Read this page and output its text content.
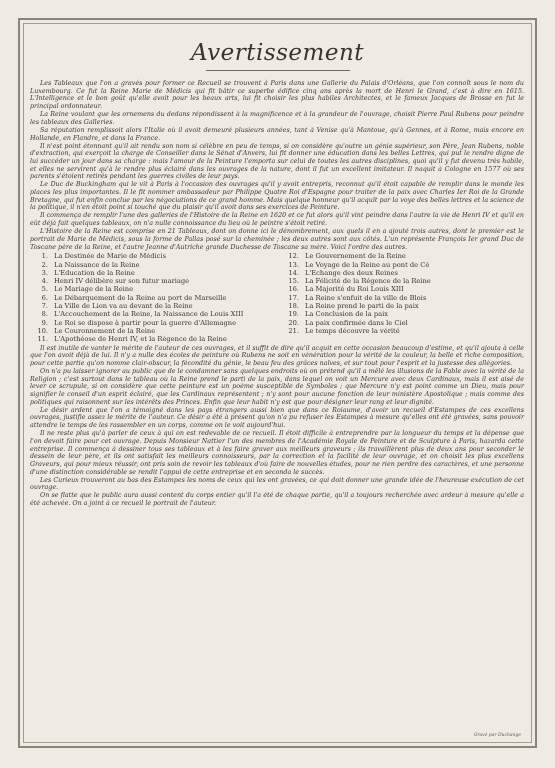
Avertissement

Les Tableaux que l'on a gravés pour former ce Recueil se trouvent à Paris dans une Gallerie du Palais d'Orléans, que l'on connoît sous le nom du Luxembourg. Ce fut la Reine Marie de Médicis qui fit bâtir ce superbe édifice cinq ans après la mort de Henri le Grand, c'est à dire en 1615. L'Intelligence et le bon goût qu'elle avoit pour les beaux arts, lui fit choisir les plus habiles Architectes, et le fameux Jacques de Brosse en fut le principal ordonnateur.

La Reine voulant que les ornemens du dedans répondissent à la magnificence et à la grandeur de l'ouvrage, choisit Pierre Paul Rubens pour peindre les tableaux des Galleries.

Sa réputation remplissoit alors l'Italie où il avoit demeuré plusieurs années, tant à Venise qu'à Mantoue, qu'à Gennes, et à Rome, mais encore en Hollande, en Flandre, et dans la France.

Il n'est point étonnant qu'il ait rendu son nom si célèbre en peu de temps, si on considère qu'outre un génie supérieur, son Père, Jean Rubens, noble d'extraction, qui exerçoit la charge de Conseiller dans le Sénat d'Anvers, lui fit donner une éducation dans les belles Lettres, qui put le rendre digne de lui succéder un jour dans sa charge : mais l'amour de la Peinture l'emporta sur celui de toutes les autres disciplines, quoi qu'il y fut devenu très habile, et elles ne servirent qu'à le rendre plus éclairé dans les ouvrages de la nature, dont il fut un excellent imitateur. Il naquit à Cologne en 1577 où ses parents s'étoient retirés pendant les guerres civiles de leur pays.

Le Duc de Buckingham qui le vit à Paris à l'occasion des ouvrages qu'il y avoit entrepris, reconnut qu'il étoit capable de remplir dans le monde les places les plus importantes. Il le fit nommer ambassadeur par Philippe Quatre Roi d'Espagne pour traiter de la paix avec Charles Ier Roi de la Grande Bretagne, qui fut enfin conclue par les négociations de ce grand homme. Mais quelque honneur qu'il acquît par la voye des belles lettres et la science de la politique, il n'en étoit point si touché que du plaisir qu'il avoit dans ses exercices de Peinture.

Il commença de remplir l'une des galleries de l'Histoire de la Reine en 1620 et ce fut alors qu'il vint peindre dans l'autre la vie de Henri IV et qu'il en eût déjà fait quelques tableaux, on n'a nulle connoissance du lieu où le peintre s'étoit retiré.

L'Histoire de la Reine est comprise en 21 Tableaux, dont on donne ici le dénombrement, aux quels il en a ajouté trois autres, dont le premier est le portrait de Marie de Médicis, sous la forme de Pallas posé sur la cheminée ; les deux autres sont aux côtés. L'un représente François Ier grand Duc de Toscane père de la Reine, et l'autre Jeanne d'Autriche grande Duchesse de Toscane sa mère. Voici l'ordre des autres.

1. La Destinée de Marie de Médicis	12. Le Gouvernement de la Reine
2. La Naissance de la Reine	13. Le Voyage de la Reine au pont de Cé
3. L'Education de la Reine	14. L'Echange des deux Reines
4. Henri IV délibère sur son futur mariage	15. La Félicité de la Régence de la Reine
5. Le Mariage de la Reine	16. La Majorité du Roi Louis XIII
6. Le Débarquement de la Reine au port de Marseille	17. La Reine s'enfuit de la ville de Blois
7. La Ville de Lion va au devant de la Reine	18. La Reine prend le parti de la paix
8. L'Accouchement de la Reine, la Naissance de Louis XIII	19. La Conclusion de la paix
9. Le Roi se dispose à partir pour la guerre d'Allemagne	20. La paix confirmée dans le Ciel
10. Le Couronnement de la Reine	21. Le temps découvre la vérité
11. L'Apothéose de Henri IV, et la Régence de la Reine

Il est inutile de vanter le mérite de l'auteur de ces ouvrages, et il suffit de dire qu'il acquit en cette occasion beaucoup d'estime, et qu'il ajouta à celle que l'on avoit déjà de lui. Il n'y a nulle des écoles de peinture où Rubens ne soit en vénération pour la vérité de la couleur, la belle et riche composition, pour cette partie qu'on nomme clair-obscur, la fécondité du génie, le beau feu des grâces naïves, et sur tout pour l'esprit et la justesse des allégories.

On n'a pu laisser ignorer au public que de le condamner sans quelques endroits où on prétend qu'il a mêlé les illusions de la Fable avec la vérité de la Religion ; c'est surtout dans le tableau où la Reine prend le parti de la paix, dans lequel on voit un Mercure avec deux Cardinaux, mais il est aisé de lever ce scrupule, si on considère que cette peinture est un poème susceptible de Symboles ; que Mercure n'y est point comme un Dieu, mais pour signifier le conseil d'un esprit éclairé, que les Cardinaux représentent ; n'y sont pour aucune fonction de leur ministère Apostolique ; mais comme des politiques qui raisonnent sur les intérêts des Princes. Enfin que leur habit n'y est que pour désigner leur rang et leur dignité.

Le désir ardent que l'on a témoigné dans les pays étrangers aussi bien que dans ce Roiaume, d'avoir un recueil d'Estampes de ces excellens ouvrages, justifie assez le mérite de l'auteur. Ce désir a été à présent qu'on n'a pu refuser les Estampes à mesure qu'elles ont été gravées, sans pouvoir attendre le temps de les rassembler en un corps, comme on le voit aujourd'hui.

Il ne reste plus qu'à parler de ceux à qui on est redevable de ce recueil. Il étoit difficile à entreprendre par la longueur du temps et la dépense que l'on devoit faire pour cet ouvrage. Depuis Monsieur Nattier l'un des membres de l'Académie Royale de Peinture et de Sculpture à Paris, hazarda cette entreprise. Il commença à dessiner tous ses tableaux et à les faire graver aux meilleurs graveurs ; ils travaillèrent plus de deux ans pour seconder le dessein de leur père, et ils ont satisfait les meilleurs connoisseurs, par la correction et la facilité de leur ouvrage, et on choisit les plus excellens Graveurs, qui pour mieux réussir, ont pris soin de revoir les tableaux d'où faire de nouvelles études, pour ne rien perdre des caractères, et une personne d'une distinction considérable se rendit l'appui de cette entreprise et en seconda le succès.

Les Curieux trouveront au bas des Estampes les noms de ceux qui les ont gravées, ce qui doit donner une grande idée de l'heureuse exécution de cet ouvrage.

On se flatte que le public aura aussi content du corps entier qu'il l'a été de chaque partie, qu'il a toujours recherchée avec ardeur à mesure qu'elle a été achevée. On a joint à ce recueil le portrait de l'auteur.

Gravé par Duchange
